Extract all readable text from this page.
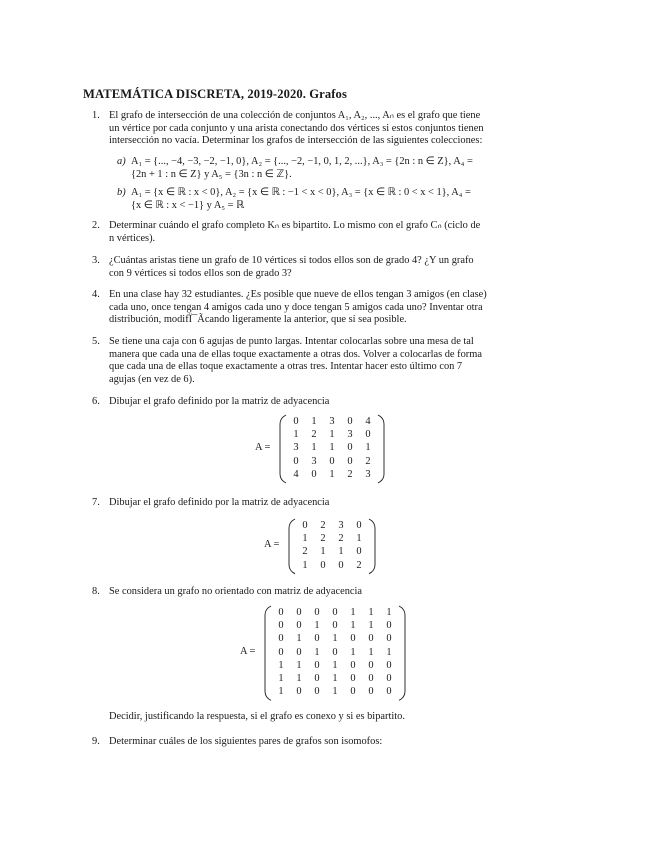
MATEMÁTICA DISCRETA, 2019-2020. Grafos
1. El grafo de intersección de una colección de conjuntos A₁, A₂, ..., Aₙ es el grafo que tiene
un vértice por cada conjunto y una arista conectando dos vértices si estos conjuntos tienen
intersección no vacía. Determinar los grafos de intersección de las siguientes colecciones:
a) A₁ = {..., −4, −3, −2, −1, 0}, A₂ = {..., −2, −1, 0, 1, 2, ...}, A₃ = {2n : n ∈ Z}, A₄ =
{2n + 1 : n ∈ Z} y A₅ = {3n : n ∈ ℤ}.
b) A₁ = {x ∈ ℝ : x < 0}, A₂ = {x ∈ ℝ : −1 < x < 0}, A₃ = {x ∈ ℝ : 0 < x < 1}, A₄ =
{x ∈ ℝ : x < −1} y A₅ = ℝ
2. Determinar cuándo el grafo completo Kₙ es bipartito. Lo mismo con el grafo Cₙ (ciclo de
n vértices).
3. ¿Cuántas aristas tiene un grafo de 10 vértices si todos ellos son de grado 4? ¿Y un grafo
con 9 vértices si todos ellos son de grado 3?
4. En una clase hay 32 estudiantes. ¿Es posible que nueve de ellos tengan 3 amigos (en clase)
cada uno, once tengan 4 amigos cada uno y doce tengan 5 amigos cada uno? Inventar otra
distribución, modifÏ¯Ãcando ligeramente la anterior, que sí sea posible.
5. Se tiene una caja con 6 agujas de punto largas. Intentar colocarlas sobre una mesa de tal
manera que cada una de ellas toque exactamente a otras dos. Volver a colocarlas de forma
que cada una de ellas toque exactamente a otras tres. Intentar hacer esto último con 7
agujas (en vez de 6).
6. Dibujar el grafo definido por la matriz de adyacencia
A =
0	1	3	0	4
1	2	1	3	0
3	1	1	0	1
0	3	0	0	2
4	0	1	2	3
7. Dibujar el grafo definido por la matriz de adyacencia
A =
0	2	3	0
1	2	2	1
2	1	1	0
1	0	0	2
8. Se considera un grafo no orientado con matriz de adyacencia
A =
0	0	0	0	1	1	1
0	0	1	0	1	1	0
0	1	0	1	0	0	0
0	0	1	0	1	1	1
1	1	0	1	0	0	0
1	1	0	1	0	0	0
1	0	0	1	0	0	0
Decidir, justificando la respuesta, si el grafo es conexo y si es bipartito.
9. Determinar cuáles de los siguientes pares de grafos son isomofos:
